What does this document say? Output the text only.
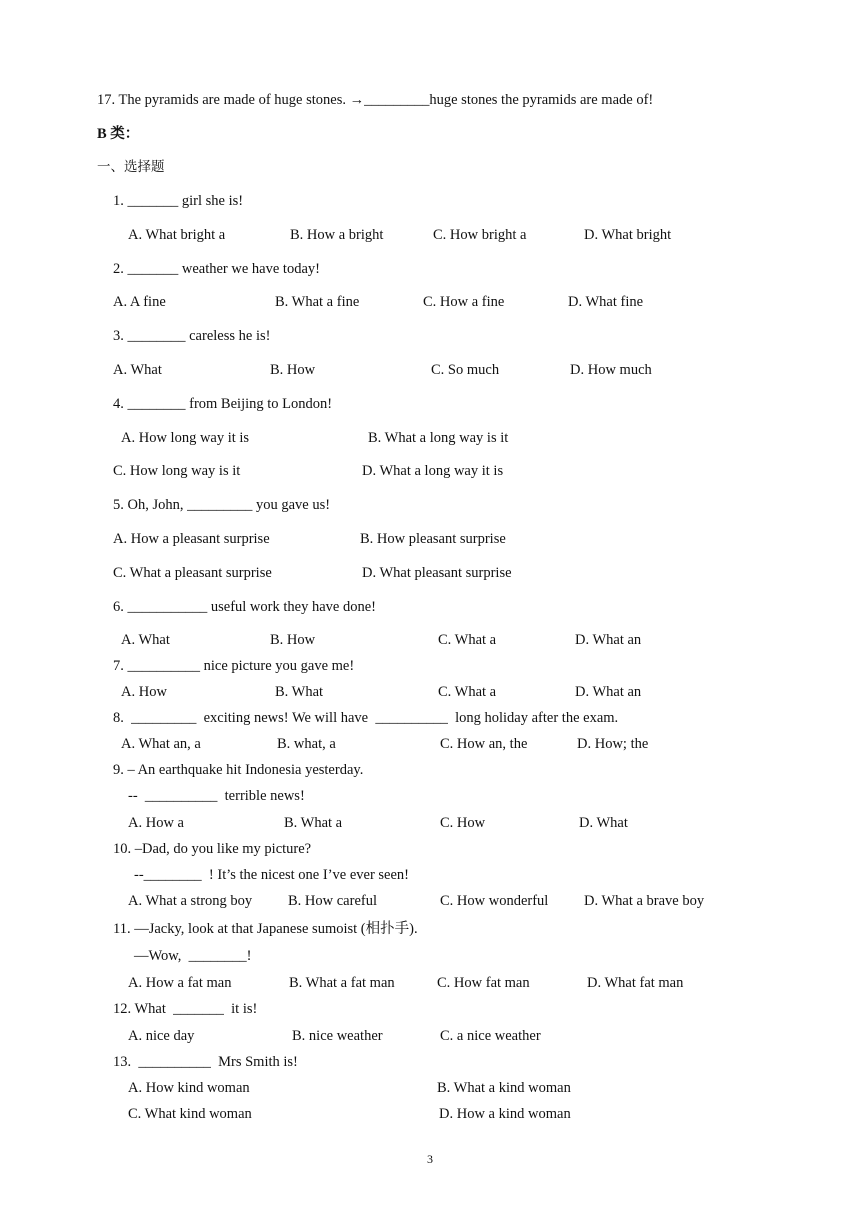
17. The pyramids are made of huge stones. →_________huge stones the pyramids are made of!
B 类：
一、选择题
1. _______ girl she is!
A. What bright a	B. How a bright	C. How bright a	D. What bright
2. _______ weather we have today!
A. A fine	B. What a fine	C. How a fine	D. What fine
3. ________ careless he is!
A. What	B. How	C. So much	D. How much
4. ________ from Beijing to London!
A. How long way it is	B. What a long way is it
C. How long way is it	D. What a long way it is
5. Oh, John, _________ you gave us!
A. How a pleasant surprise	B. How pleasant surprise
C. What a pleasant surprise	D. What pleasant surprise
6. ___________ useful work they have done!
A. What	B. How	C. What a	D. What an
7. __________ nice picture you gave me!
A. How	B. What	C. What a	D. What an
8.  _________  exciting news! We will have  __________  long holiday after the exam.
A. What an, a	B. what, a	C. How an, the	D. How; the
9. – An earthquake hit Indonesia yesterday.
--  __________  terrible news!
A. How a	B. What a	C. How	D. What
10. –Dad, do you like my picture?
--________  ! It’s the nicest one I’ve ever seen!
A. What a strong boy B. How careful	C. How wonderful D. What a brave boy
11. —Jacky, look at that Japanese sumoist (相扑手).
—Wow,  ________!
A. How a fat man	B. What a fat man	C. How fat man	D. What fat man
12. What  _______  it is!
A. nice day	B. nice weather	C. a nice weather
13.  __________  Mrs Smith is!
A. How kind woman	B. What a kind woman
C. What kind woman	D. How a kind woman
3
